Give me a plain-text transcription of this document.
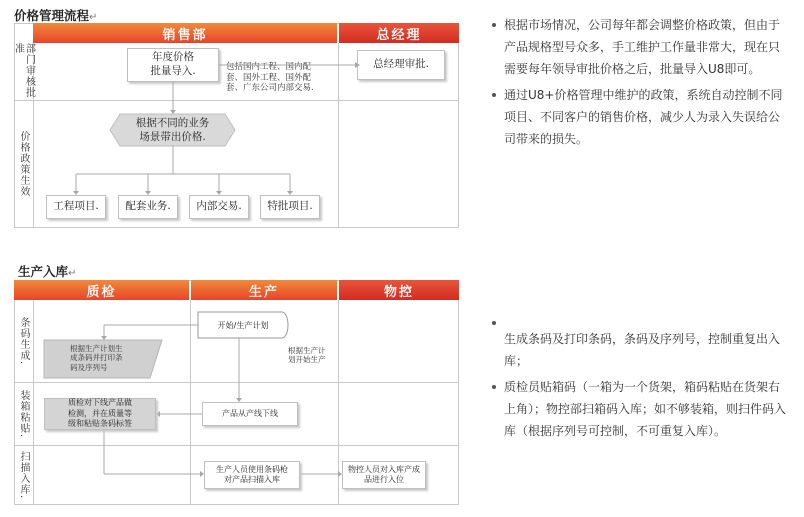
价格管理流程↵
销售部	总经理
部门审核批准
价格政策生效
年度价格
批量导入.
总经理审批.
包括国内工程、国内配
套、国外工程、国外配
套、广东公司内部交易.
根据不同的业务
场景带出价格.
工程项目.	配套业务. 内部交易. 特批项目.
生产入库↵
质检	生产	物控
条码生成.
装箱粘贴.
扫描入库.
开始/生产计划
根据生产计划生
成条码并打印条
码及序列号
根据生产计
划开始生产
质检对下线产品做
检测，并在质量等
级和粘贴条码标签
产品从产线下线
生产人员使用条码枪
对产品扫描入库
物控人员对入库产成
品进行入位
根据市场情况，公司每年都会调整价格政策，但由于产品规格型号众多，手工维护工作量非常大，现在只需要每年领导审批价格之后，批量导入U8即可。
通过U8+价格管理中维护的政策，系统自动控制不同项目、不同客户的销售价格，减少人为录入失误给公司带来的损失。
生成条码及打印条码，条码及序列号，控制重复出入库；
质检员贴箱码（一箱为一个货架，箱码粘贴在货架右上角）；物控部扫箱码入库；如不够装箱，则扫件码入库（根据序列号可控制，不可重复入库）。
